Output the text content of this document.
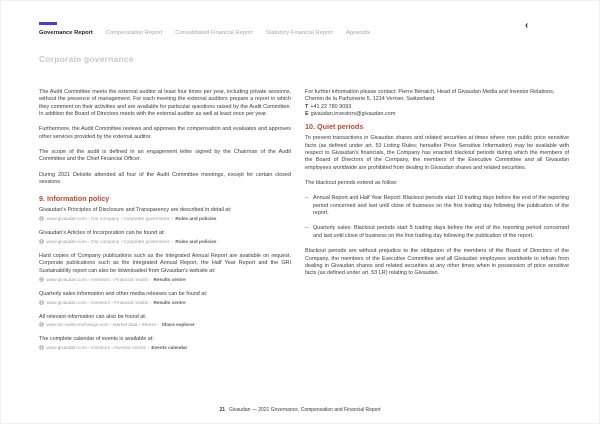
Governance Report Compensation Report Consolidated Financial Report Statutory Financial Report Appendix
‹
Corporate governance

The Audit Committee meets the external auditor at least four times per year, including private sessions, without the presence of management. For each meeting the external auditors prepare a report in which they comment on their activities and are available for particular questions raised by the Audit Committee. In addition the Board of Directors meets with the external auditor as well at least once per year.

Furthermore, the Audit Committee reviews and approves the compensation and evaluates and approves other services provided by the external auditor.

The scope of the audit is defined in an engagement letter signed by the Chairman of the Audit Committee and the Chief Financial Officer.

During 2021 Deloitte attended all four of the Audit Committee meetings, except for certain closed sessions.

9. Information policy

Givaudan's Principles of Disclosure and Transparency are described in detail at:

www.givaudan.com › Our company › Corporate governance › Rules and policies

Givaudan's Articles of Incorporation can be found at:

www.givaudan.com › Our company › Corporate governance › Rules and policies

Hard copies of Company publications such as the Integrated Annual Report are available on request. Corporate publications such as the Integrated Annual Report, the Half Year Report and the GRI Sustainability report can also be downloaded from Givaudan's website at:

www.givaudan.com › Investors › Financial results › Results centre

Quarterly sales information and other media releases can be found at:

www.givaudan.com › Investors › Financial results › Results centre

All relevant information can also be found at:

www.six-swiss-exchange.com › Market data › Shares › Share explorer

The complete calendar of events is available at:

www.givaudan.com › Investors › Investor events › Events calendar

For further information please contact: Pierre Bénaich, Head of Givaudan Media and Investor Relations, Chemin de la Parfumerie 5, 1214 Vernier, Switzerland

T +41 22 780 9093

E givaudan.investors@givaudan.com

10. Quiet periods

To prevent transactions in Givaudan shares and related securities at times where non public price sensitive facts (as defined under art. 53 Listing Rules; hereafter Price Sensitive Information) may be available with respect to Givaudan's financials, the Company has enacted blackout periods during which the members of the Board of Directors of the Company, the members of the Executive Committee and all Givaudan employees worldwide are prohibited from dealing in Givaudan shares and related securities.

The blackout periods extend as follow:

– Annual Report and Half Year Report: Blackout periods start 10 trading days before the end of the reporting period concerned and last until close of business on the first trading day following the publication of the report.

– Quarterly sales: Blackout periods start 5 trading days before the end of the reporting period concerned and last until close of business on the first trading day following the publication of the report.

Blackout periods are without prejudice to the obligation of the members of the Board of Directors of the Company, the members of the Executive Committee and all Givaudan employees worldwide to refrain from dealing in Givaudan shares and related securities at any other times when in possession of price sensitive facts (as defined under art. 53 LR) relating to Givaudan.

21 Givaudan — 2021 Governance, Compensation and Financial Report
